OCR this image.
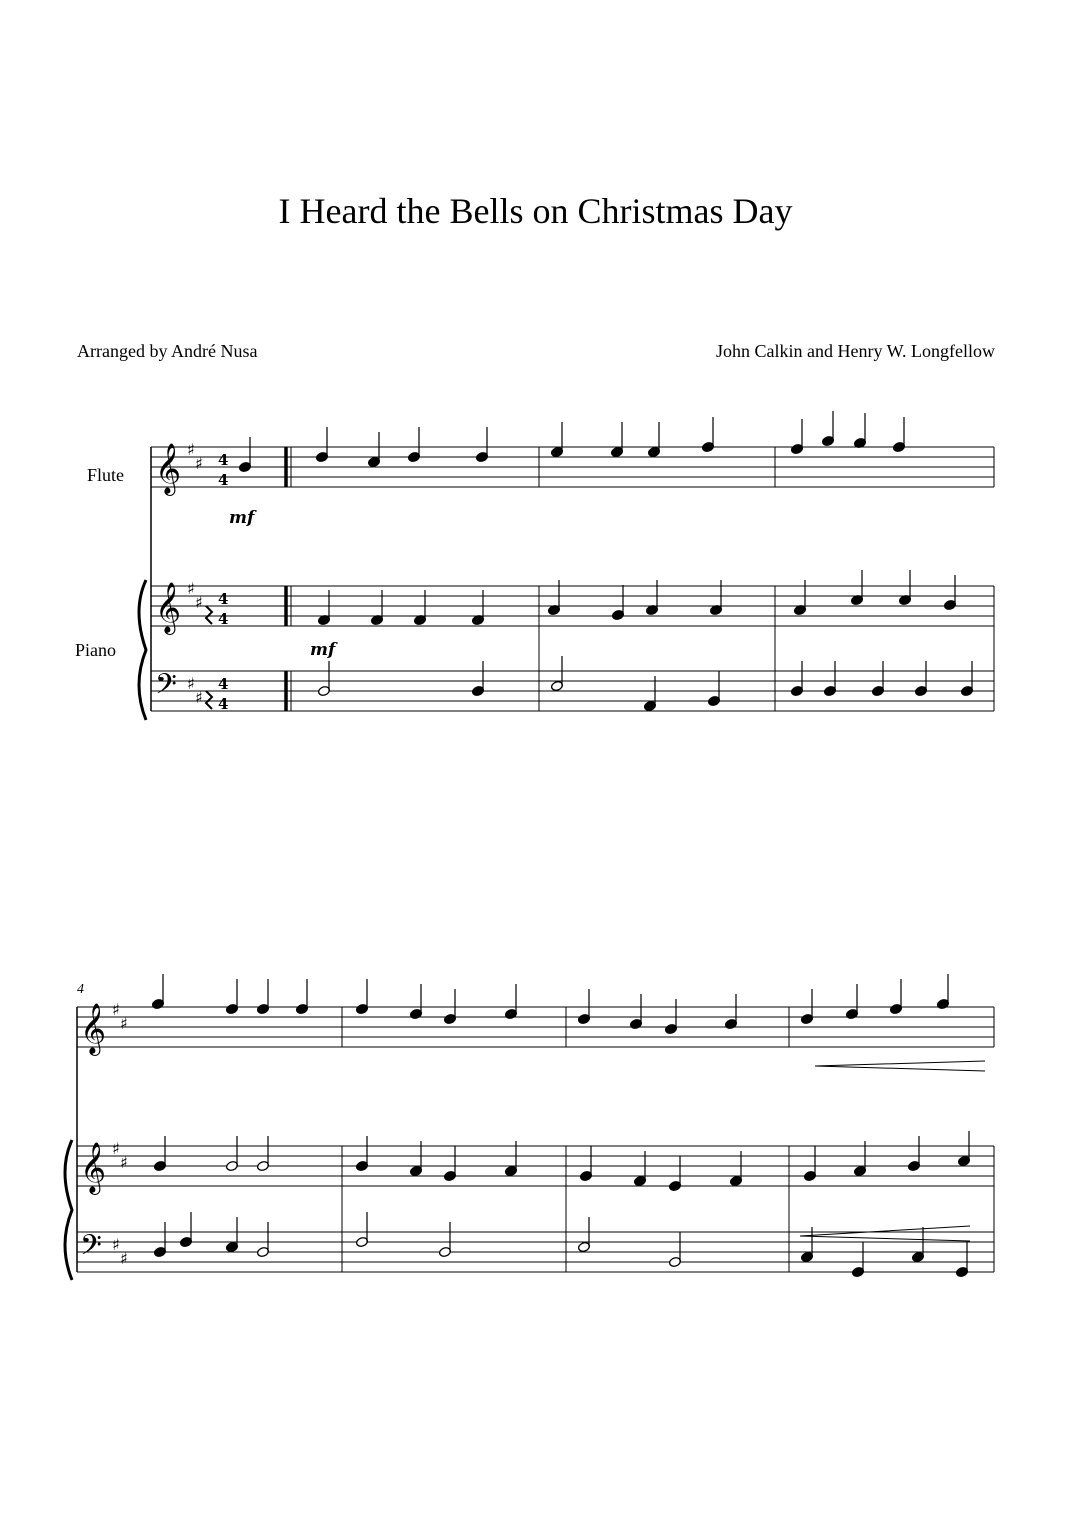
I Heard the Bells on Christmas Day
Arranged by André Nusa	John Calkin and Henry W. Longfellow
Flute
Piano
4
𝄞 ♯
♯
𝄞 ♯
♯
𝄞 ♯
♯
𝄞 ♯
♯
𝄢 ♯
♯
𝄢 ♯
♯
4
4
4
4
4
4
mf
mf
